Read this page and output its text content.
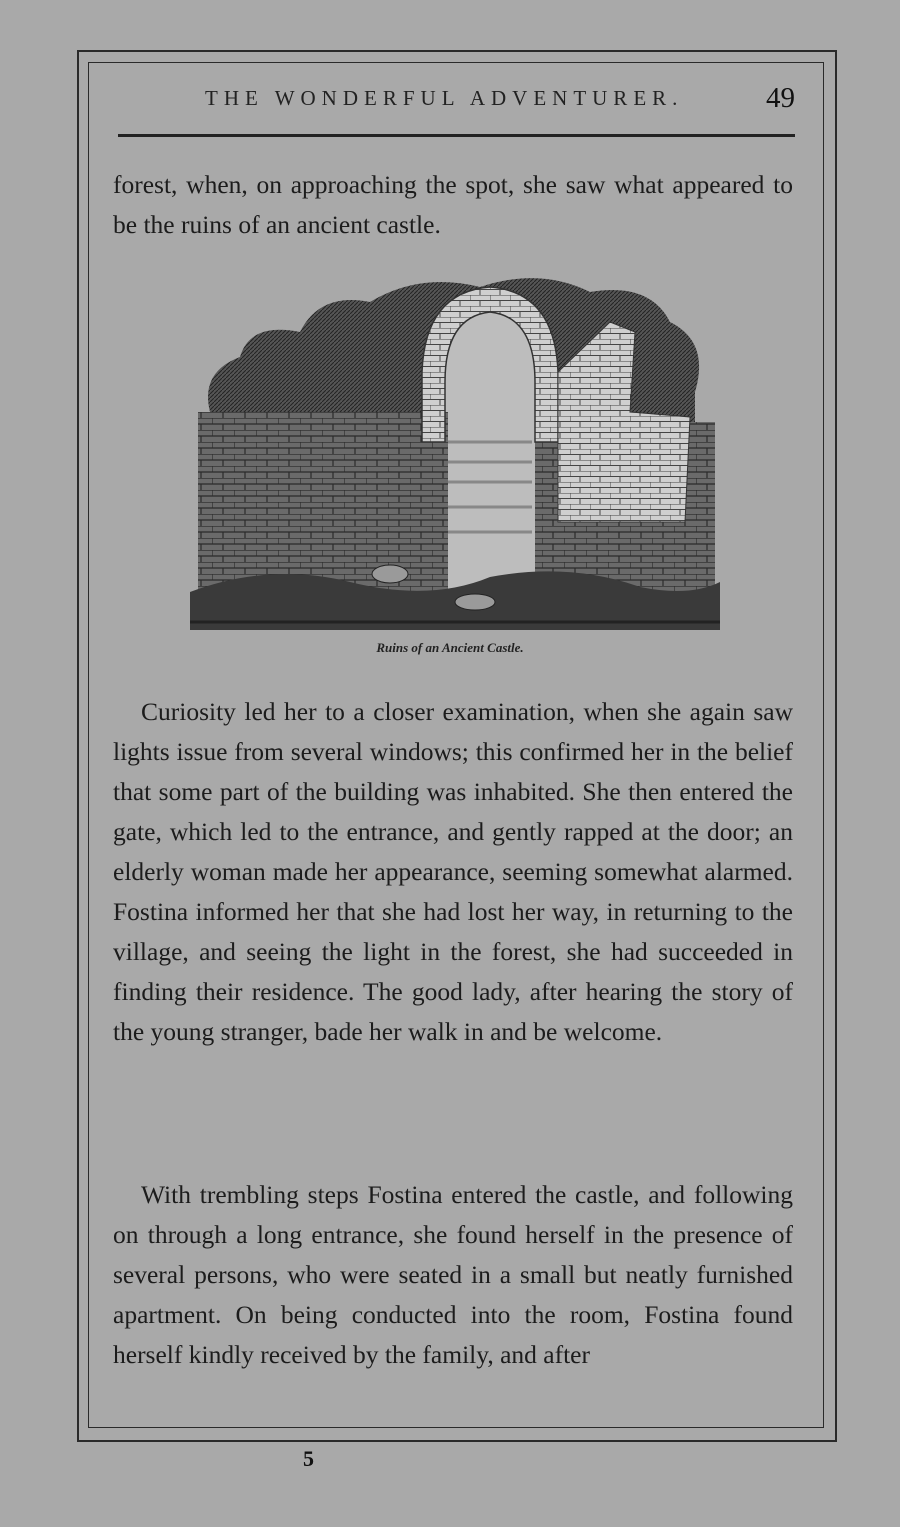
THE WONDERFUL ADVENTURER.	49

forest, when, on approaching the spot, she saw what appeared to be the ruins of an ancient castle.

Ruins of an Ancient Castle.

Curiosity led her to a closer examination, when she again saw lights issue from several windows; this confirmed her in the belief that some part of the building was inhabited. She then entered the gate, which led to the entrance, and gently rapped at the door; an elderly woman made her appearance, seeming somewhat alarmed. Fostina informed her that she had lost her way, in returning to the village, and seeing the light in the forest, she had succeeded in finding their residence. The good lady, after hearing the story of the young stranger, bade her walk in and be welcome.

With trembling steps Fostina entered the castle, and following on through a long entrance, she found herself in the presence of several persons, who were seated in a small but neatly furnished apartment. On being conducted into the room, Fostina found herself kindly received by the family, and after

5
